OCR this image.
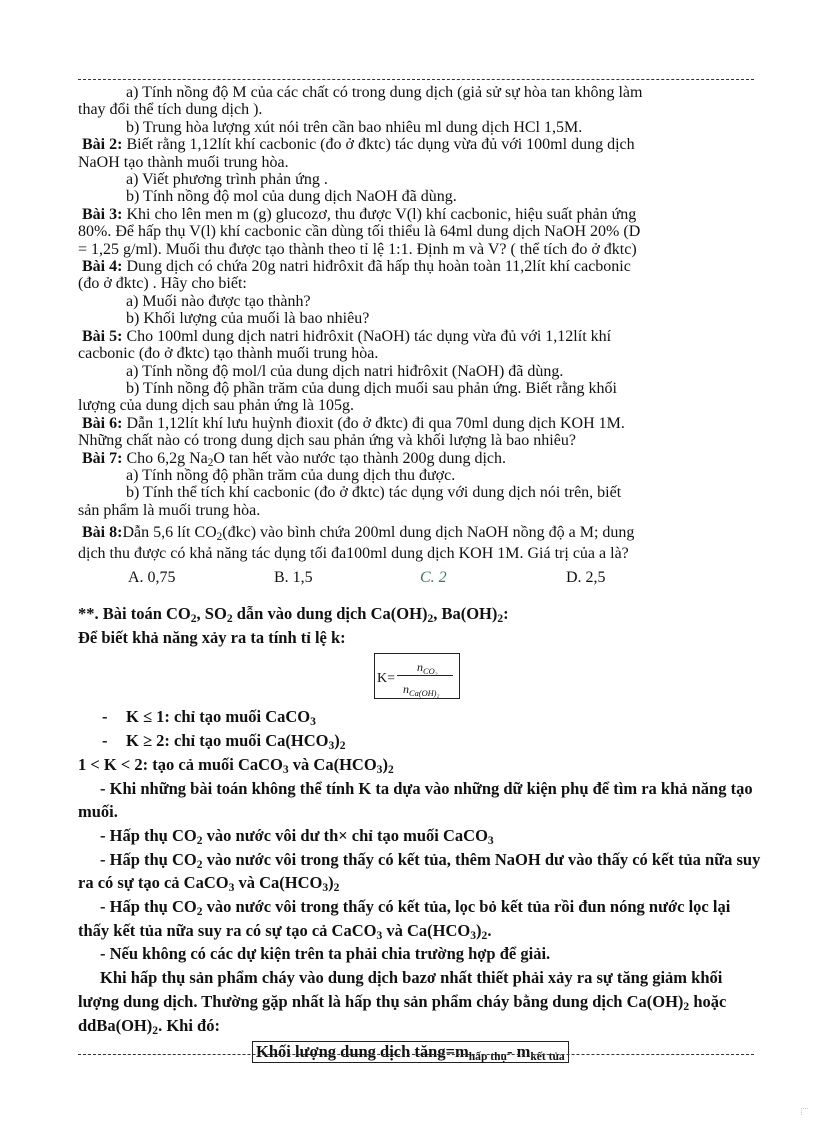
a) Tính nồng độ M của các chất có trong dung dịch (giả sử sự hòa tan không làm

thay đổi thể tích dung dịch ).

b) Trung hòa lượng xút nói trên cần bao nhiêu ml dung dịch HCl 1,5M.

Bài 2: Biết rằng 1,12lít khí cacbonic (đo ở đktc) tác dụng vừa đủ với 100ml dung dịch

NaOH tạo thành muối trung hòa.

a) Viết phương trình phản ứng .

b) Tính nồng độ mol của dung dịch NaOH đã dùng.

Bài 3: Khi cho lên men m (g) glucozơ, thu được V(l) khí cacbonic, hiệu suất phản ứng

80%. Để hấp thụ V(l) khí cacbonic cần dùng tối thiểu là 64ml dung dịch NaOH 20% (D

= 1,25 g/ml). Muối thu được tạo thành theo tỉ lệ 1:1. Định m và V? ( thể tích đo ở đktc)

Bài 4: Dung dịch có chứa 20g natri hiđrôxit đã hấp thụ hoàn toàn 11,2lít khí cacbonic

(đo ở đktc) . Hãy cho biết:

a) Muối nào được tạo thành?

b) Khối lượng của muối là bao nhiêu?

Bài 5: Cho 100ml dung dịch natri hiđrôxit (NaOH) tác dụng vừa đủ với 1,12lít khí

cacbonic (đo ở đktc) tạo thành muối trung hòa.

a) Tính nồng độ mol/l của dung dịch natri hiđrôxit (NaOH) đã dùng.

b) Tính nồng độ phần trăm của dung dịch muối sau phản ứng. Biết rằng khối

lượng của dung dịch sau phản ứng là 105g.

Bài 6: Dẫn 1,12lít khí lưu huỳnh đioxit (đo ở đktc) đi qua 70ml dung dịch KOH 1M.

Những chất nào có trong dung dịch sau phản ứng và khối lượng là bao nhiêu?

Bài 7: Cho 6,2g $Na_2O$ tan hết vào nước tạo thành 200g dung dịch.

a) Tính nồng độ phần trăm của dung dịch thu được.

b) Tính thể tích khí cacbonic (đo ở đktc) tác dụng với dung dịch nói trên, biết

sản phẩm là muối trung hòa.

Bài 8:Dẫn 5,6 lít $CO_2(đkc)$ vào bình chứa 200ml dung dịch NaOH nồng độ a M; dung

dịch thu được có khả năng tác dụng tối đa100ml dung dịch KOH 1M. Giá trị của a là?

A. 0,75	B. 1,5	C. 2	D. 2,5

**. Bài toán $CO_2$, $SO_2$ dẫn vào dung dịch $Ca(OH)_2$, $Ba(OH)_2$:

Để biết khả năng xảy ra ta tính tỉ lệ k:

K=
$n_{CO_2}$
$n_{Ca(OH)_2}$

- K ≤ 1: chỉ tạo muối CaCO$_3$

- K ≥ 2: chỉ tạo muối $Ca(HCO_3)_2$

1 < K < 2: tạo cả muối CaCO$_3$ và $Ca(HCO_3)_2$

- Khi những bài toán không thể tính K ta dựa vào những dữ kiện phụ để tìm ra khả năng tạo muối.

- Hấp thụ $CO_2$ vào nước vôi dư th× chỉ tạo muối CaCO$_3$

- Hấp thụ $CO_2$ vào nước vôi trong thấy có kết tủa, thêm NaOH dư vào thấy có kết tủa nữa suy ra có sự tạo cả CaCO$_3$ và $Ca(HCO_3)_2$

- Hấp thụ $CO_2$ vào nước vôi trong thấy có kết tủa, lọc bỏ kết tủa rồi đun nóng nước lọc lại thấy kết tủa nữa suy ra có sự tạo cả CaCO$_3$ và $Ca(HCO_3)_2$.

- Nếu không có các dự kiện trên ta phải chia trường hợp để giải.

Khi hấp thụ sản phẩm cháy vào dung dịch bazơ nhất thiết phải xảy ra sự tăng giảm khối lượng dung dịch. Thường gặp nhất là hấp thụ sản phẩm cháy bằng dung dịch $Ca(OH)_2$ hoặc $ddBa(OH)_2$. Khi đó:

Khối lượng dung dịch $tăng=m_{hấp thụ}-$ $m_{kết tủa}$
